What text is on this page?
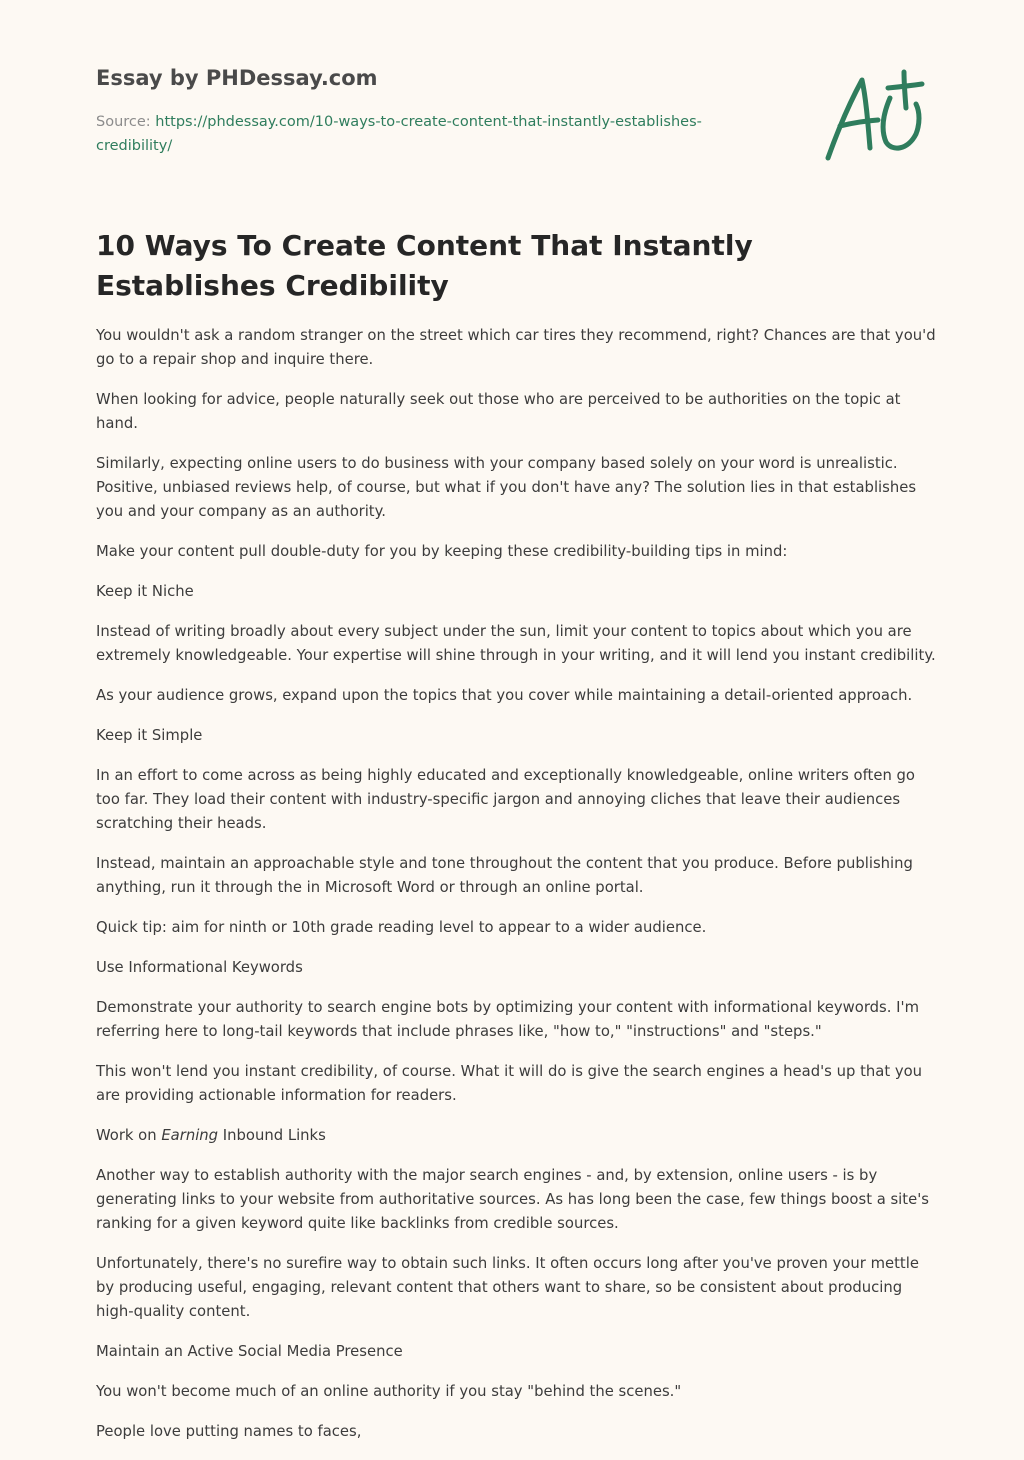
Essay by PHDessay.com
Source: https://phdessay.com/10-ways-to-create-content-that-instantly-establishes-credibility/
10 Ways To Create Content That Instantly Establishes Credibility

You wouldn't ask a random stranger on the street which car tires they recommend, right? Chances are that you'd go to a repair shop and inquire there.

When looking for advice, people naturally seek out those who are perceived to be authorities on the topic at hand.

Similarly, expecting online users to do business with your company based solely on your word is unrealistic. Positive, unbiased reviews help, of course, but what if you don't have any? The solution lies in that establishes you and your company as an authority.

Make your content pull double-duty for you by keeping these credibility-building tips in mind:

Keep it Niche

Instead of writing broadly about every subject under the sun, limit your content to topics about which you are extremely knowledgeable. Your expertise will shine through in your writing, and it will lend you instant credibility.

As your audience grows, expand upon the topics that you cover while maintaining a detail-oriented approach.

Keep it Simple

In an effort to come across as being highly educated and exceptionally knowledgeable, online writers often go too far. They load their content with industry-specific jargon and annoying cliches that leave their audiences scratching their heads.

Instead, maintain an approachable style and tone throughout the content that you produce. Before publishing anything, run it through the in Microsoft Word or through an online portal.

Quick tip: aim for ninth or 10th grade reading level to appear to a wider audience.

Use Informational Keywords

Demonstrate your authority to search engine bots by optimizing your content with informational keywords. I'm referring here to long-tail keywords that include phrases like, "how to," "instructions" and "steps."

This won't lend you instant credibility, of course. What it will do is give the search engines a head's up that you are providing actionable information for readers.

Work on Earning Inbound Links

Another way to establish authority with the major search engines - and, by extension, online users - is by generating links to your website from authoritative sources. As has long been the case, few things boost a site's ranking for a given keyword quite like backlinks from credible sources.

Unfortunately, there's no surefire way to obtain such links. It often occurs long after you've proven your mettle by producing useful, engaging, relevant content that others want to share, so be consistent about producing high-quality content.

Maintain an Active Social Media Presence

You won't become much of an online authority if you stay "behind the scenes."

People love putting names to faces,
